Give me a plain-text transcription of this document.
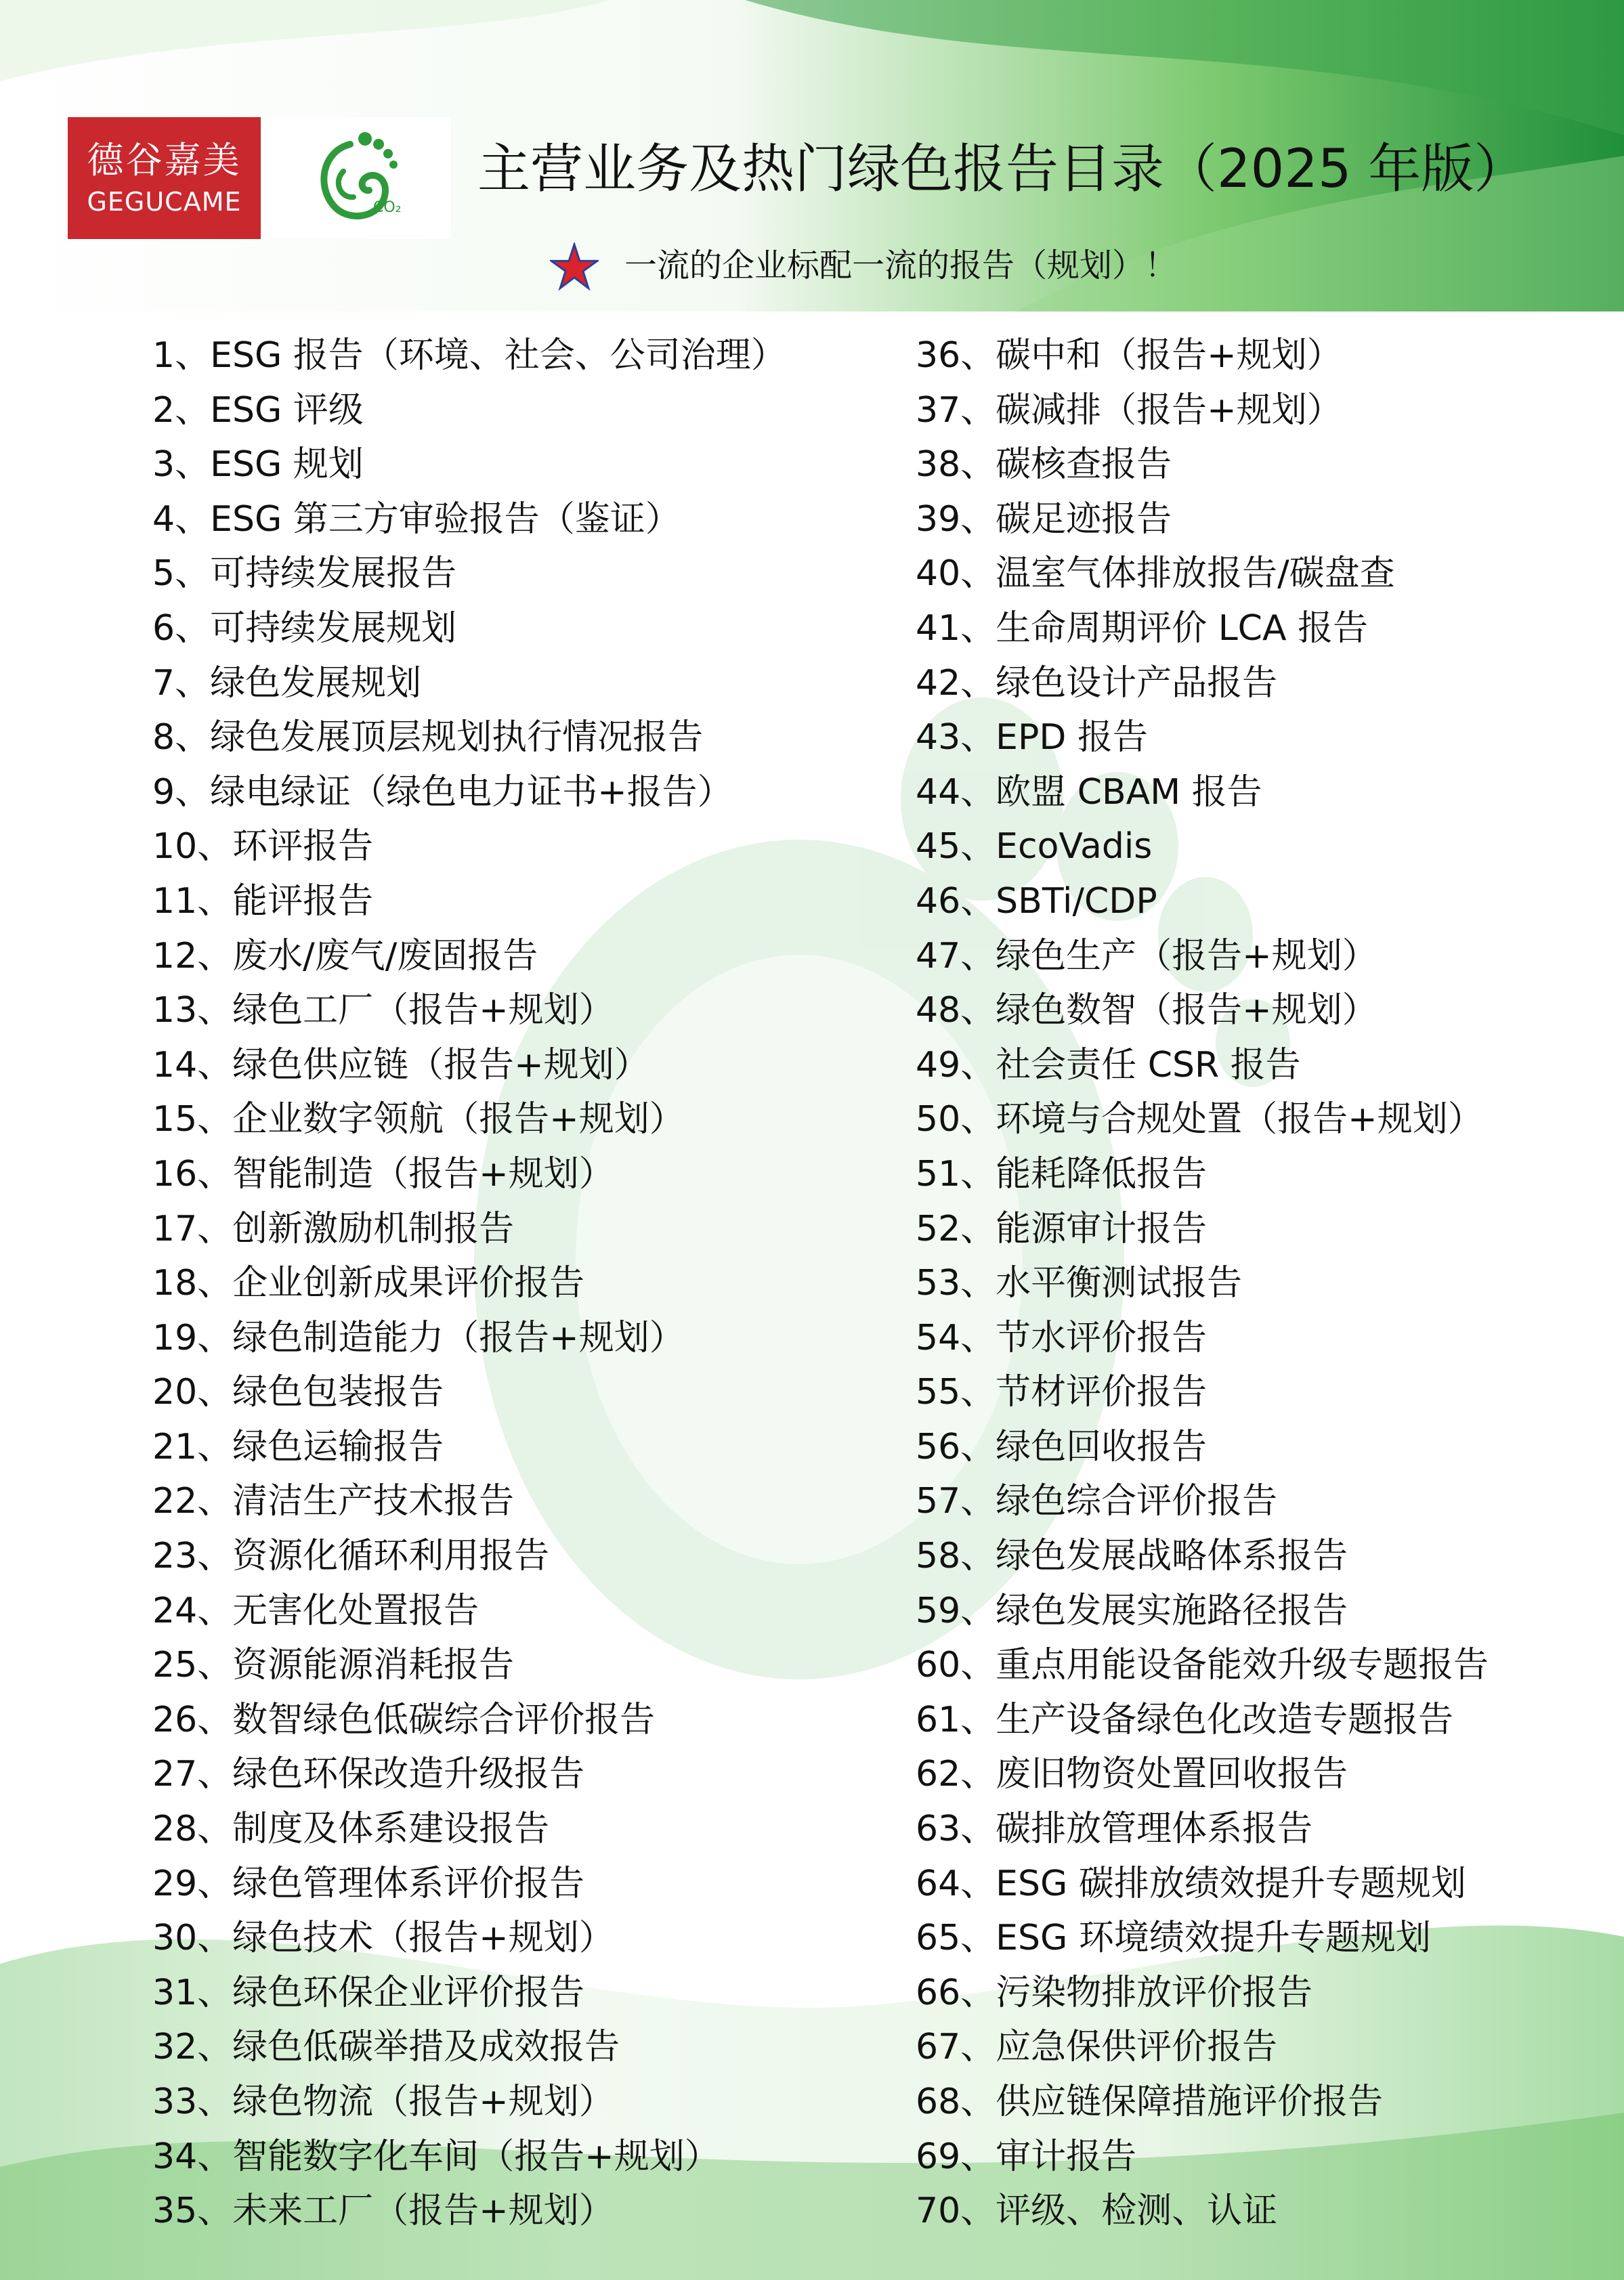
德谷嘉美
GEGUCAME	CO₂
主营业务及热门绿色报告目录（2025 年版）
一流的企业标配一流的报告（规划）！
1、ESG 报告（环境、社会、公司治理）
2、ESG 评级
3、ESG 规划
4、ESG 第三方审验报告（鉴证）
5、可持续发展报告
6、可持续发展规划
7、绿色发展规划
8、绿色发展顶层规划执行情况报告
9、绿电绿证（绿色电力证书+报告）
10、环评报告
11、能评报告
12、废水/废气/废固报告
13、绿色工厂（报告+规划）
14、绿色供应链（报告+规划）
15、企业数字领航（报告+规划）
16、智能制造（报告+规划）
17、创新激励机制报告
18、企业创新成果评价报告
19、绿色制造能力（报告+规划）
20、绿色包装报告
21、绿色运输报告
22、清洁生产技术报告
23、资源化循环利用报告
24、无害化处置报告
25、资源能源消耗报告
26、数智绿色低碳综合评价报告
27、绿色环保改造升级报告
28、制度及体系建设报告
29、绿色管理体系评价报告
30、绿色技术（报告+规划）
31、绿色环保企业评价报告
32、绿色低碳举措及成效报告
33、绿色物流（报告+规划）
34、智能数字化车间（报告+规划）
35、未来工厂（报告+规划）
36、碳中和（报告+规划）
37、碳减排（报告+规划）
38、碳核查报告
39、碳足迹报告
40、温室气体排放报告/碳盘查
41、生命周期评价 LCA 报告
42、绿色设计产品报告
43、EPD 报告
44、欧盟 CBAM 报告
45、EcoVadis
46、SBTi/CDP
47、绿色生产（报告+规划）
48、绿色数智（报告+规划）
49、社会责任 CSR 报告
50、环境与合规处置（报告+规划）
51、能耗降低报告
52、能源审计报告
53、水平衡测试报告
54、节水评价报告
55、节材评价报告
56、绿色回收报告
57、绿色综合评价报告
58、绿色发展战略体系报告
59、绿色发展实施路径报告
60、重点用能设备能效升级专题报告
61、生产设备绿色化改造专题报告
62、废旧物资处置回收报告
63、碳排放管理体系报告
64、ESG 碳排放绩效提升专题规划
65、ESG 环境绩效提升专题规划
66、污染物排放评价报告
67、应急保供评价报告
68、供应链保障措施评价报告
69、审计报告
70、评级、检测、认证
